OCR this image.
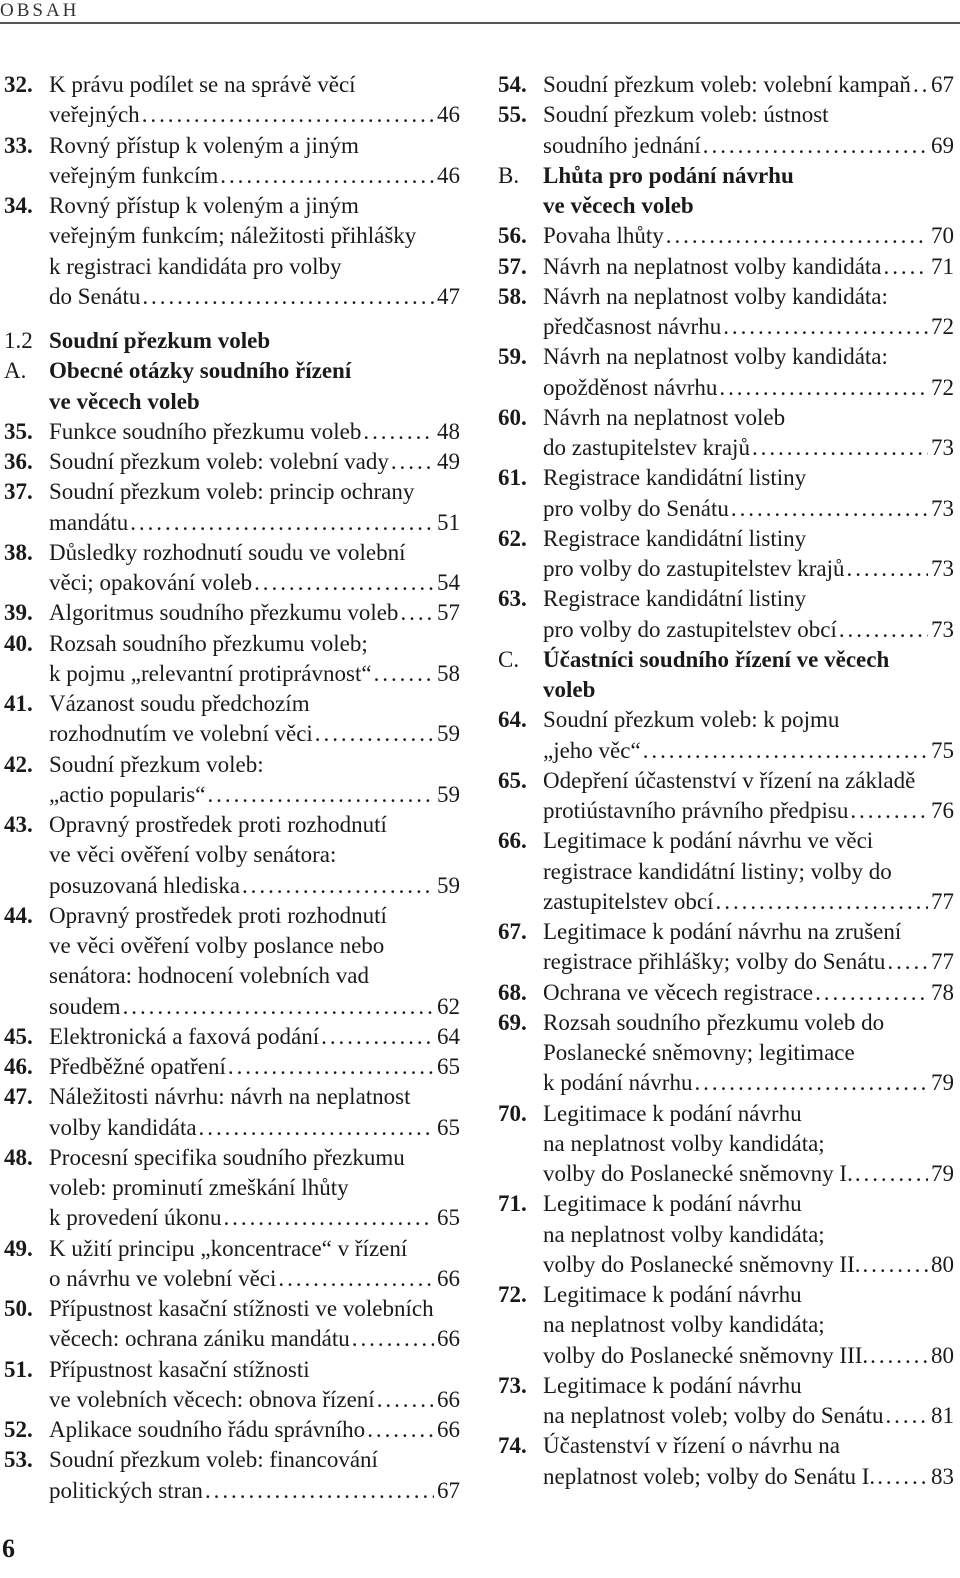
OBSAH
32. K právu podílet se na správě věcí
veřejných . . .	46
33. Rovný přístup k voleným a jiným
veřejným funkcím . . .	46
34. Rovný přístup k voleným a jiným
veřejným funkcím; náležitosti přihlášky
k registraci kandidáta pro volby
do Senátu . . .	47
1.2 Soudní přezkum voleb
A. Obecné otázky soudního řízení
ve věcech voleb
35. Funkce soudního přezkumu voleb . . .	48
36. Soudní přezkum voleb: volební vady . . . 49
37. Soudní přezkum voleb: princip ochrany
mandátu . . .	51
38. Důsledky rozhodnutí soudu ve volební
věci; opakování voleb . . .	54
39. Algoritmus soudního přezkumu voleb . . . 57
40. Rozsah soudního přezkumu voleb;
k pojmu „relevantní protiprávnost“ . . .	58
41. Vázanost soudu předchozím
rozhodnutím ve volební věci . . .	59
42. Soudní přezkum voleb:
„actio popularis“ . . .	59
43. Opravný prostředek proti rozhodnutí
ve věci ověření volby senátora:
posuzovaná hlediska . . .	59
44. Opravný prostředek proti rozhodnutí
ve věci ověření volby poslance nebo
senátora: hodnocení volebních vad
soudem . . .	62
45. Elektronická a faxová podání . . .	64
46. Předběžné opatření . . .	65
47. Náležitosti návrhu: návrh na neplatnost
volby kandidáta . . .	65
48. Procesní specifika soudního přezkumu
voleb: prominutí zmeškání lhůty
k provedení úkonu . . .	65
49. K užití principu „koncentrace“ v řízení
o návrhu ve volební věci . . .	66
50. Přípustnost kasační stížnosti ve volebních
věcech: ochrana zániku mandátu . . .	66
51. Přípustnost kasační stížnosti
ve volebních věcech: obnova řízení . . .	66
52. Aplikace soudního řádu správního . . .	66
53. Soudní přezkum voleb: financování
politických stran . . .	67
54. Soudní přezkum voleb: volební kampaň . . . 67
55. Soudní přezkum voleb: ústnost
soudního jednání . . .	69
B. Lhůta pro podání návrhu
ve věcech voleb
56. Povaha lhůty . . .	70
57. Návrh na neplatnost volby kandidáta . . . 71
58. Návrh na neplatnost volby kandidáta:
předčasnost návrhu . . .	72
59. Návrh na neplatnost volby kandidáta:
opožděnost návrhu . . .	72
60. Návrh na neplatnost voleb
do zastupitelstev krajů . . .	73
61. Registrace kandidátní listiny
pro volby do Senátu . . .	73
62. Registrace kandidátní listiny
pro volby do zastupitelstev krajů . . .	73
63. Registrace kandidátní listiny
pro volby do zastupitelstev obcí . . .	73
C. Účastníci soudního řízení ve věcech
voleb
64. Soudní přezkum voleb: k pojmu
„jeho věc“ . . .	75
65. Odepření účastenství v řízení na základě
protiústavního právního předpisu . . .	76
66. Legitimace k podání návrhu ve věci
registrace kandidátní listiny; volby do
zastupitelstev obcí . . .	77
67. Legitimace k podání návrhu na zrušení
registrace přihlášky; volby do Senátu . . . 77
68. Ochrana ve věcech registrace . . .	78
69. Rozsah soudního přezkumu voleb do
Poslanecké sněmovny; legitimace
k podání návrhu . . .	79
70. Legitimace k podání návrhu
na neplatnost volby kandidáta;
volby do Poslanecké sněmovny I. . . .	79
71. Legitimace k podání návrhu
na neplatnost volby kandidáta;
volby do Poslanecké sněmovny II. . . .	80
72. Legitimace k podání návrhu
na neplatnost volby kandidáta;
volby do Poslanecké sněmovny III. . . .	80
73. Legitimace k podání návrhu
na neplatnost voleb; volby do Senátu . . . 81
74. Účastenství v řízení o návrhu na
neplatnost voleb; volby do Senátu I. . . . 83
6
